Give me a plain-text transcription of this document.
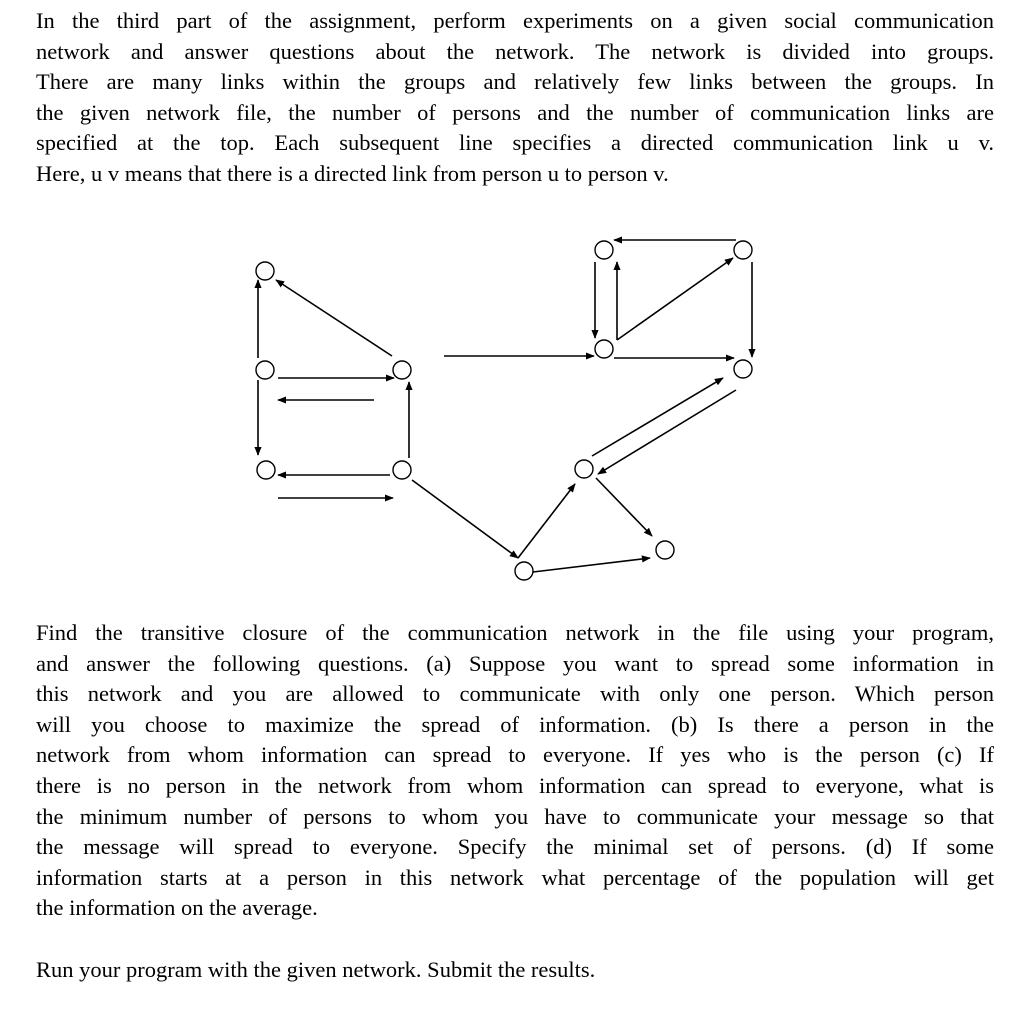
In the third part of the assignment, perform experiments on a given social communication
network and answer questions about the network. The network is divided into groups.
There are many links within the groups and relatively few links between the groups. In
the given network file, the number of persons and the number of communication links are
specified at the top. Each subsequent line specifies a directed communication link u v.
Here, u v means that there is a directed link from person u to person v.
Find the transitive closure of the communication network in the file using your program,
and answer the following questions. (a) Suppose you want to spread some information in
this network and you are allowed to communicate with only one person. Which person
will you choose to maximize the spread of information. (b) Is there a person in the
network from whom information can spread to everyone. If yes who is the person (c) If
there is no person in the network from whom information can spread to everyone, what is
the minimum number of persons to whom you have to communicate your message so that
the message will spread to everyone. Specify the minimal set of persons. (d) If some
information starts at a person in this network what percentage of the population will get
the information on the average.
Run your program with the given network. Submit the results.
